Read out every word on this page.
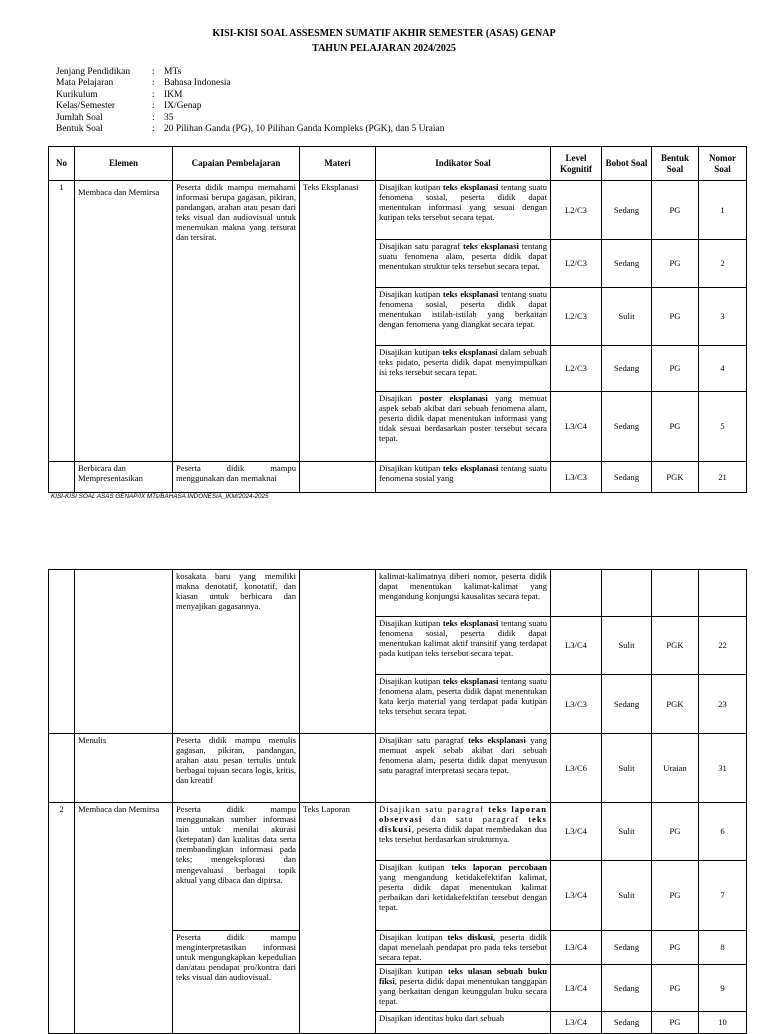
KISI-KISI SOAL ASSESMEN SUMATIF AKHIR SEMESTER (ASAS) GENAP
TAHUN PELAJARAN 2024/2025
Jenjang Pendidikan	: MTs
Mata Pelajaran	: Bahasa Indonesia
Kurikulum	: IKM
Kelas/Semester	: IX/Genap
Jumlah Soal	: 35
Bentuk Soal	: 20 Pilihan Ganda (PG), 10 Pilihan Ganda Kompleks (PGK), dan 5 Uraian
No	Elemen	Capaian Pembelajaran	Materi	Indikator Soal	Level Kognitif	Bobot Soal	Bentuk Soal	Nomor Soal
1	Membaca dan Memirsa	Peserta didik mampu memahami informasi berupa gagasan, pikiran, pandangan, arahan atau pesan dari teks visual dan audiovisual untuk menemukan makna yang tersurat dan tersirat.	Teks Eksplanasi	Disajikan kutipan teks eksplanasi tentang suatu fenomena sosial, peserta didik dapat menentukan informasi yang sesuai dengan kutipan teks tersebut secara tepat.	L2/C3	Sedang	PG	1
				Disajikan satu paragraf teks eksplanasi tentang suatu fenomena alam, peserta didik dapat menentukan struktur teks tersebut secara tepat.	L2/C3	Sedang	PG	2
				Disajikan kutipan teks eksplanasi tentang suatu fenomena sosial, peserta didik dapat menentukan istilah-istilah yang berkaitan dengan fenomena yang diangkat secara tepat.	L2/C3	Sulit	PG	3
				Disajikan kutipan teks eksplanasi dalam sebuah teks pidato, peserta didik dapat menyimpulkan isi teks tersebut secara tepat.	L2/C3	Sedang	PG	4
				Disajikan poster eksplanasi yang memuat aspek sebab akibat dari sebuah fenomena alam, peserta didik dapat menentukan informasi yang tidak sesuai berdasarkan poster tersebut secara tepat.	L3/C4	Sedang	PG	5
	Berbicara dan Mempresentasikan	Peserta didik mampu menggunakan dan memaknai		Disajikan kutipan teks eksplanasi tentang suatu fenomena sosial yang	L3/C3	Sedang	PGK	21
KISI-KISI SOAL ASAS GENAP/IX MTs/BAHASA INDONESIA_IKM/2024-2025
		kosakata baru yang memiliki makna denotatif, konotatif, dan kiasan untuk berbicara dan menyajikan gagasannya.		kalimat-kalimatnya diberi nomor, peserta didik dapat menentukan kalimat-kalimat yang mengandung konjungsi kausalitas secara tepat.				
				Disajikan kutipan teks eksplanasi tentang suatu fenomena sosial, peserta didik dapat menentukan kalimat aktif transitif yang terdapat pada kutipan teks tersebut secara tepat.	L3/C4	Sulit	PGK	22
				Disajikan kutipan teks eksplanasi tentang suatu fenomena alam, peserta didik dapat menentukan kata kerja material yang terdapat pada kutipan teks tersebut secara tepat.	L3/C3	Sedang	PGK	23
	Menulis	Peserta didik mampu menulis gagasan, pikiran, pandangan, arahan atau pesan tertulis untuk berbagai tujuan secara logis, kritis, dan kreatif		Disajikan satu paragraf teks eksplanasi yang memuat aspek sebab akibat dari sebuah fenomena alam, peserta didik dapat menyusun satu paragraf interpretasi secara tepat.	L3/C6	Sulit	Uraian	31
2	Membaca dan Memirsa	Peserta didik mampu menggunakan sumber informasi lain untuk menilai akurasi (ketepatan) dan kualitas data serta membandingkan informasi pada teks; mengeksplorasi dan mengevaluasi berbagai topik aktual yang dibaca dan dipirsa.	Teks Laporan	Disajikan satu paragraf teks laporan observasi dan satu paragraf teks diskusi, peserta didik dapat membedakan dua teks tersebut berdasarkan strukturnya.	L3/C4	Sulit	PG	6
				Disajikan kutipan teks laporan percobaan yang mengandung ketidakefektifan kalimat, peserta didik dapat menentukan kalimat perbaikan dari ketidakefektifan tersebut dengan tepat.	L3/C4	Sulit	PG	7
		Peserta didik mampu menginterpretasikan informasi untuk mengungkapkan kepedulian dan/atau pendapat pro/kontra dari teks visual dan audiovisual.		Disajikan kutipan teks diskusi, peserta didik dapat menelaah pendapat pro pada teks tersebut secara tepat.	L3/C4	Sedang	PG	8
				Disajikan kutipan teks ulasan sebuah buku fiksi, peserta didik dapat menentukan tanggapan yang berkaitan dengan keunggulan buku secara tepat.	L3/C4	Sedang	PG	9
				Disajikan identitas buku dari sebuah	L3/C4	Sedang	PG	10
